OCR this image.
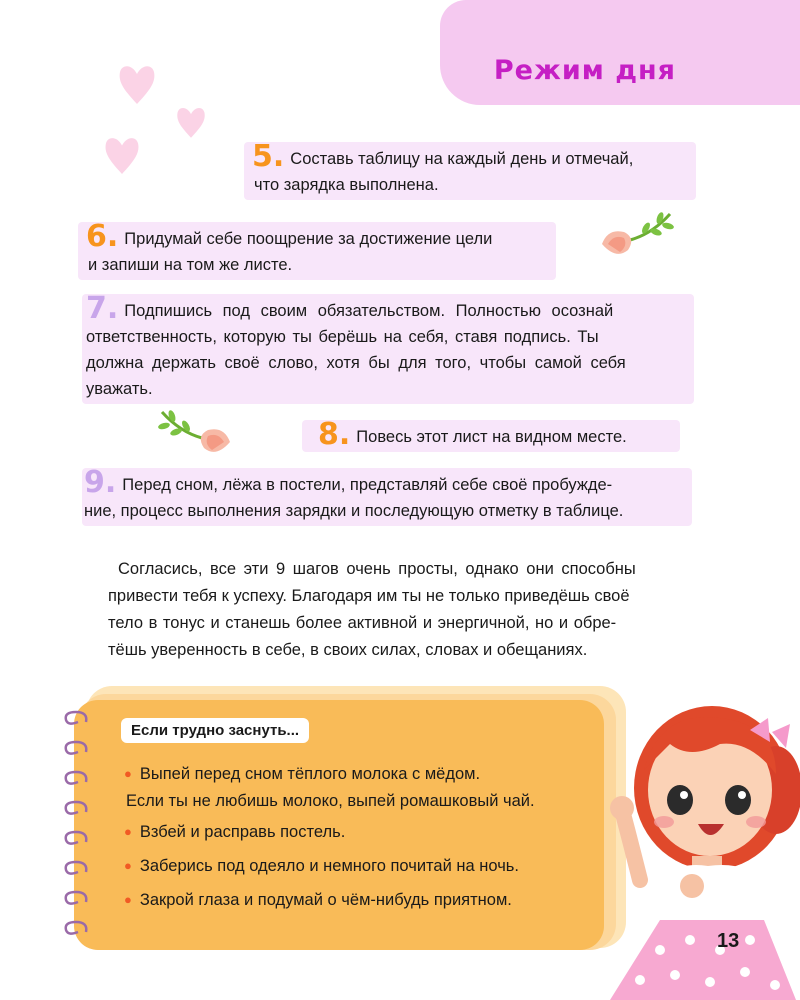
Режим дня
5. Составь таблицу на каждый день и отмечай,
что зарядка выполнена.
6. Придумай себе поощрение за достижение цели
и запиши на том же листе.
7. Подпишись под своим обязательством. Полностью осознай
ответственность, которую ты берёшь на себя, ставя подпись. Ты
должна держать своё слово, хотя бы для того, чтобы самой себя
уважать.
8. Повесь этот лист на видном месте.
9. Перед сном, лёжа в постели, представляй себе своё пробужде-
ние, процесс выполнения зарядки и последующую отметку в таблице.
Согласись, все эти 9 шагов очень просты, однако они способны
привести тебя к успеху. Благодаря им ты не только приведёшь своё
тело в тонус и станешь более активной и энергичной, но и обре-
тёшь уверенность в себе, в своих силах, словах и обещаниях.
Если трудно заснуть...
● Выпей перед сном тёплого молока с мёдом.
Если ты не любишь молоко, выпей ромашковый чай.
● Взбей и расправь постель.
● Заберись под одеяло и немного почитай на ночь.
● Закрой глаза и подумай о чём-нибудь приятном.
13
